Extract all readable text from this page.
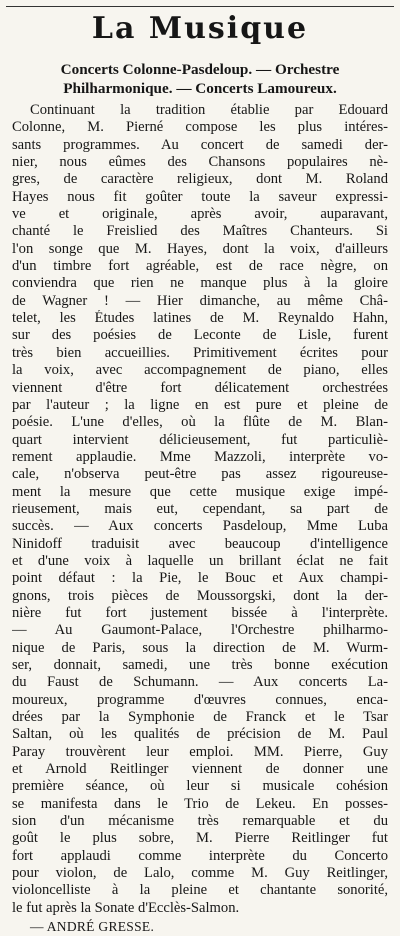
La Musique
Concerts Colonne-Pasdeloup. — Orchestre
Philharmonique. — Concerts Lamoureux.
Continuant la tradition établie par Edouard
Colonne, M. Pierné compose les plus intéres-
sants programmes. Au concert de samedi der-
nier, nous eûmes des Chansons populaires nè-
gres, de caractère religieux, dont M. Roland
Hayes nous fit goûter toute la saveur expressi-
ve et originale, après avoir, auparavant,
chanté le Freislied des Maîtres Chanteurs. Si
l'on songe que M. Hayes, dont la voix, d'ailleurs
d'un timbre fort agréable, est de race nègre, on
conviendra que rien ne manque plus à la gloire
de Wagner ! — Hier dimanche, au même Châ-
telet, les Études latines de M. Reynaldo Hahn,
sur des poésies de Leconte de Lisle, furent
très bien accueillies. Primitivement écrites pour
la voix, avec accompagnement de piano, elles
viennent d'être fort délicatement orchestrées
par l'auteur ; la ligne en est pure et pleine de
poésie. L'une d'elles, où la flûte de M. Blan-
quart intervient délicieusement, fut particuliè-
rement applaudie. Mme Mazzoli, interprète vo-
cale, n'observa peut-être pas assez rigoureuse-
ment la mesure que cette musique exige impé-
rieusement, mais eut, cependant, sa part de
succès. — Aux concerts Pasdeloup, Mme Luba
Ninidoff traduisit avec beaucoup d'intelligence
et d'une voix à laquelle un brillant éclat ne fait
point défaut : la Pie, le Bouc et Aux champi-
gnons, trois pièces de Moussorgski, dont la der-
nière fut fort justement bissée à l'interprète.
— Au Gaumont-Palace, l'Orchestre philharmo-
nique de Paris, sous la direction de M. Wurm-
ser, donnait, samedi, une très bonne exécution
du Faust de Schumann. — Aux concerts La-
moureux, programme d'œuvres connues, enca-
drées par la Symphonie de Franck et le Tsar
Saltan, où les qualités de précision de M. Paul
Paray trouvèrent leur emploi. MM. Pierre, Guy
et Arnold Reitlinger viennent de donner une
première séance, où leur si musicale cohésion
se manifesta dans le Trio de Lekeu. En posses-
sion d'un mécanisme très remarquable et du
goût le plus sobre, M. Pierre Reitlinger fut
fort applaudi comme interprète du Concerto
pour violon, de Lalo, comme M. Guy Reitlinger,
violoncelliste à la pleine et chantante sonorité,
le fut après la Sonate d'Ecclès-Salmon.
— ANDRÉ GRESSE.
